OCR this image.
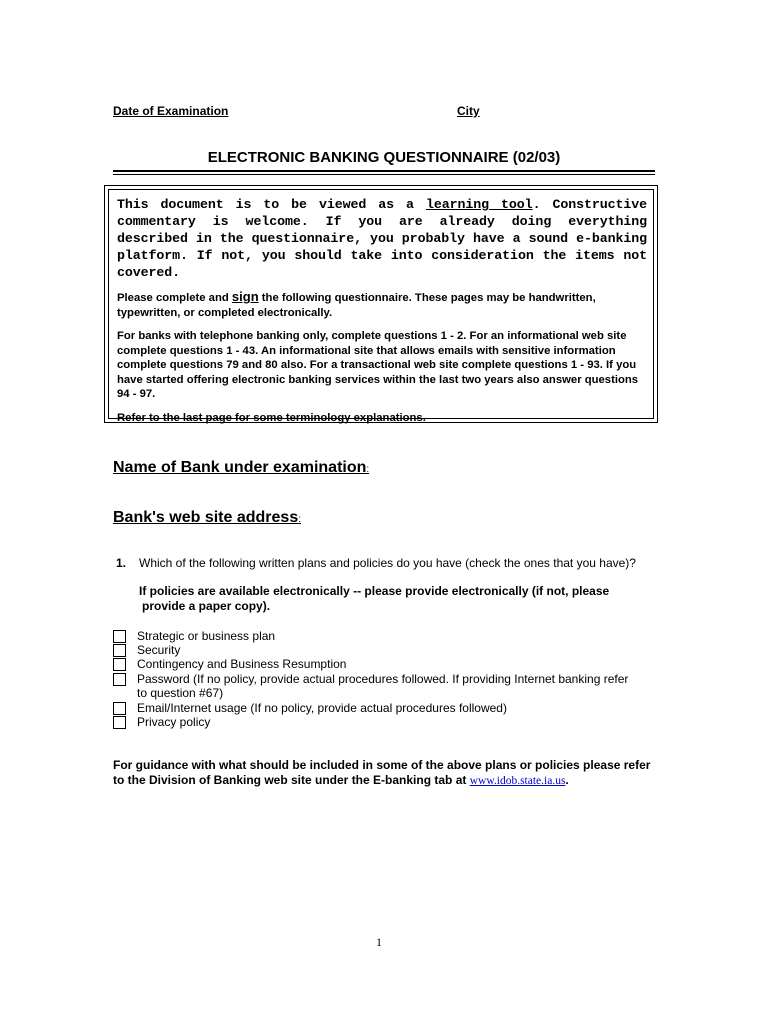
Date of Examination	City
ELECTRONIC BANKING QUESTIONNAIRE (02/03)

This document is to be viewed as a learning tool. Constructive commentary is welcome. If you are already doing everything described in the questionnaire, you probably have a sound e-banking platform. If not, you should take into consideration the items not covered.

Please complete and sign the following questionnaire. These pages may be handwritten, typewritten, or completed electronically.

For banks with telephone banking only, complete questions 1 - 2. For an informational web site complete questions 1 - 43. An informational site that allows emails with sensitive information complete questions 79 and 80 also. For a transactional web site complete questions 1 - 93. If you have started offering electronic banking services within the last two years also answer questions 94 - 97.

Refer to the last page for some terminology explanations.

Name of Bank under examination:
Bank's web site address:
1. Which of the following written plans and policies do you have (check the ones that you have)?
If policies are available electronically -- please provide electronically (if not, please
provide a paper copy).
Strategic or business plan
Security
Contingency and Business Resumption
Password (If no policy, provide actual procedures followed. If providing Internet banking refer
to question #67)
Email/Internet usage (If no policy, provide actual procedures followed)
Privacy policy
For guidance with what should be included in some of the above plans or policies please refer to the Division of Banking web site under the E-banking tab at www.idob.state.ia.us.
1
